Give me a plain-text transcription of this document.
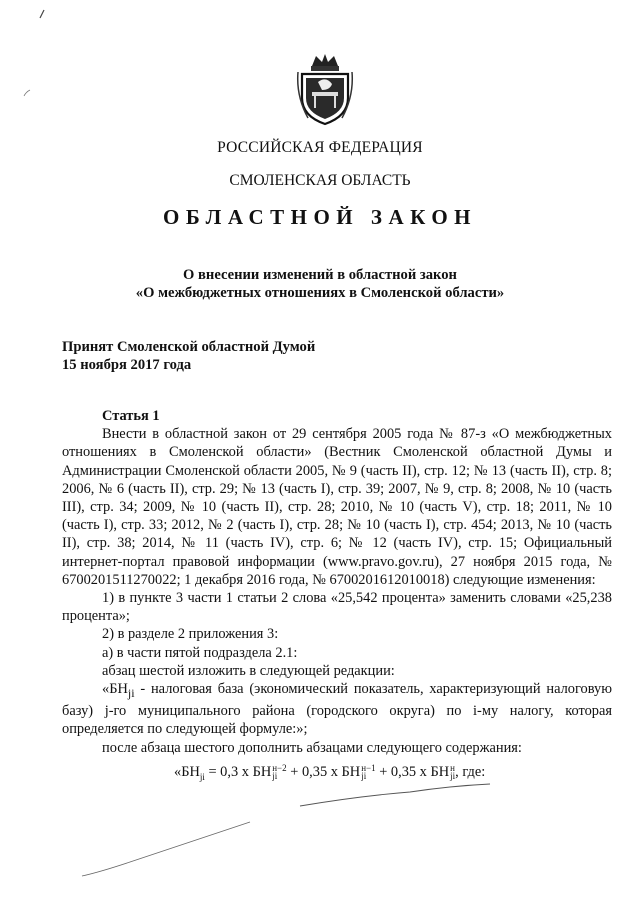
РОССИЙСКАЯ ФЕДЕРАЦИЯ
СМОЛЕНСКАЯ ОБЛАСТЬ
ОБЛАСТНОЙ ЗАКОН
О внесении изменений в областной закон
«О межбюджетных отношениях в Смоленской области»
Принят Смоленской областной Думой
15 ноября 2017 года

Статья 1

Внести в областной закон от 29 сентября 2005 года № 87-з «О межбюджетных отношениях в Смоленской области» (Вестник Смоленской областной Думы и Администрации Смоленской области 2005, № 9 (часть II), стр. 12; № 13 (часть II), стр. 8; 2006, № 6 (часть II), стр. 29; № 13 (часть I), стр. 39; 2007, № 9, стр. 8; 2008, № 10 (часть III), стр. 34; 2009, № 10 (часть II), стр. 28; 2010, № 10 (часть V), стр. 18; 2011, № 10 (часть I), стр. 33; 2012, № 2 (часть I), стр. 28; № 10 (часть I), стр. 454; 2013, № 10 (часть II), стр. 38; 2014, № 11 (часть IV), стр. 6; № 12 (часть IV), стр. 15; Официальный интернет-портал правовой информации (www.pravo.gov.ru), 27 ноября 2015 года, № 6700201511270022; 1 декабря 2016 года, № 6700201612010018) следующие изменения:

1) в пункте 3 части 1 статьи 2 слова «25,542 процента» заменить словами «25,238 процента»;

2) в разделе 2 приложения 3:

а) в части пятой подраздела 2.1:

абзац шестой изложить в следующей редакции:

«$БН_{ji}$ - налоговая база (экономический показатель, характеризующий налоговую базу) j-го муниципального района (городского округа) по i-му налогу, которая определяется по следующей формуле:»;

после абзаца шестого дополнить абзацами следующего содержания:

«$БН_{ji} = 0,3$ x БН н−2
ji + 0,35 x БН н−1
ji + 0,35 x БН н
ji , где:
